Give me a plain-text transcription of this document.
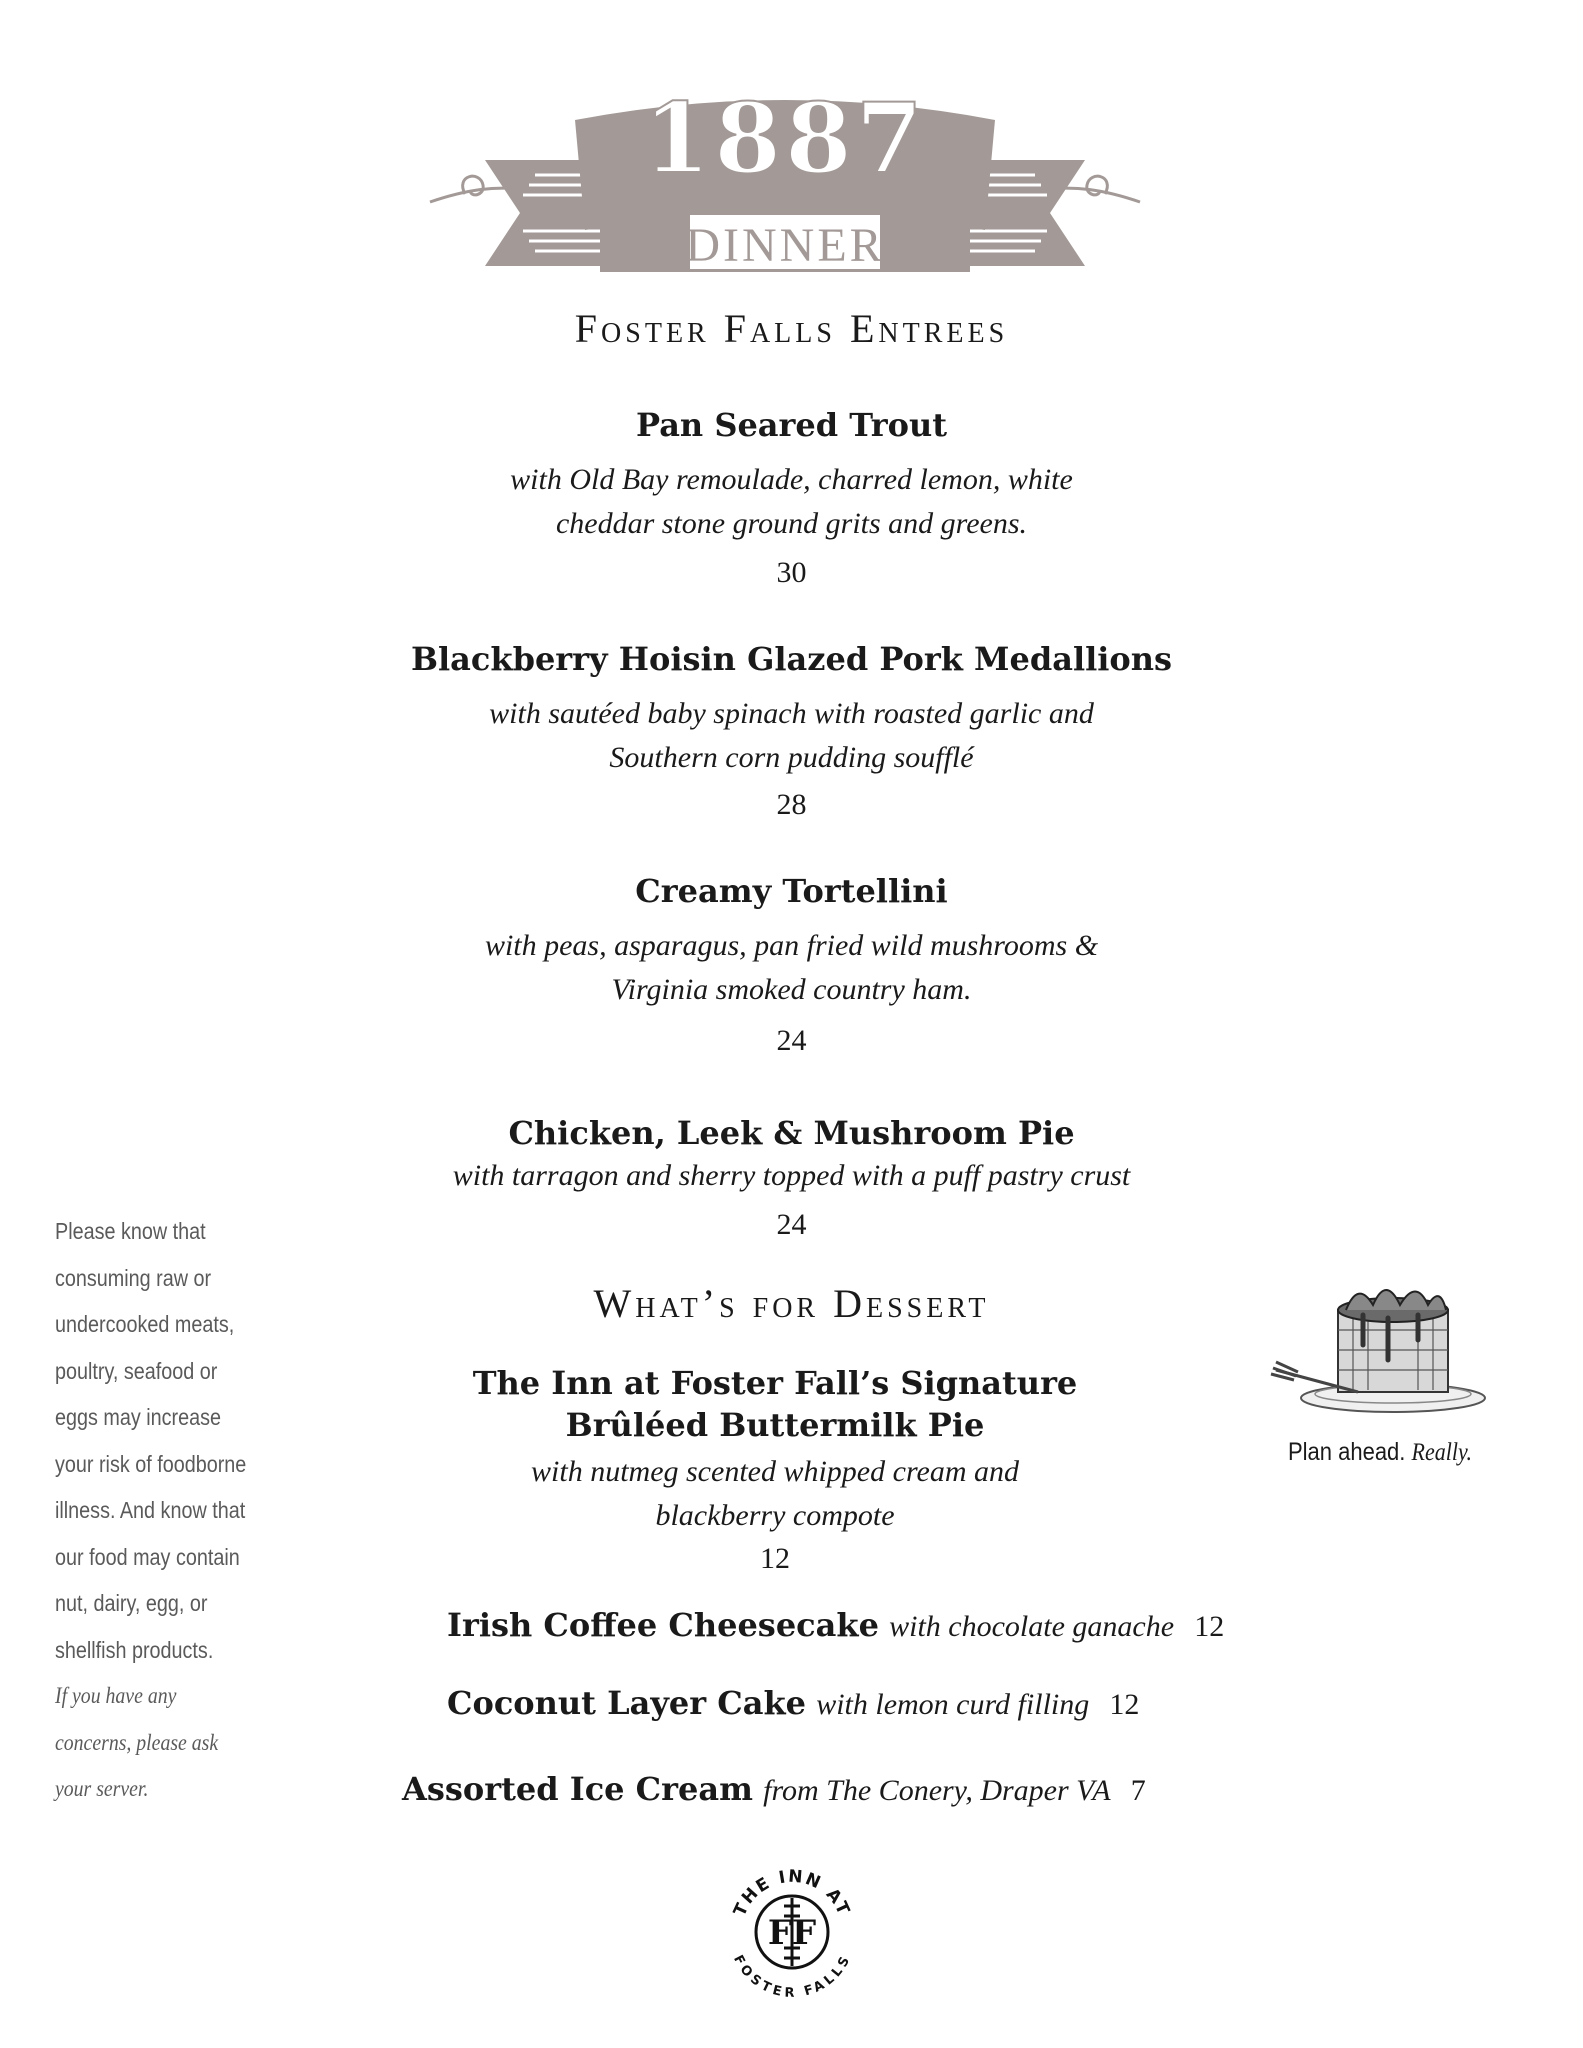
1887
DINNER
Foster Falls Entrees
Pan Seared Trout
with Old Bay remoulade, charred lemon, white
cheddar stone ground grits and greens.
30
Blackberry Hoisin Glazed Pork Medallions
with sautéed baby spinach with roasted garlic and
Southern corn pudding soufflé
28
Creamy Tortellini
with peas, asparagus, pan fried wild mushrooms &
Virginia smoked country ham.
24
Chicken, Leek & Mushroom Pie
with tarragon and sherry topped with a puff pastry crust
24
What’s for Dessert
The Inn at Foster Fall’s Signature
Brûléed Buttermilk Pie
with nutmeg scented whipped cream and
blackberry compote
12
Irish Coffee Cheesecake with chocolate ganache 12
Coconut Layer Cake with lemon curd filling 12
Assorted Ice Cream from The Conery, Draper VA 7
Please know that
consuming raw or
undercooked meats,
poultry, seafood or
eggs may increase
your risk of foodborne
illness. And know that
our food may contain
nut, dairy, egg, or
shellfish products.
If you have any
concerns, please ask
your server.
Plan ahead. Really.
THE INN AT
FOSTER FALLS
FF
